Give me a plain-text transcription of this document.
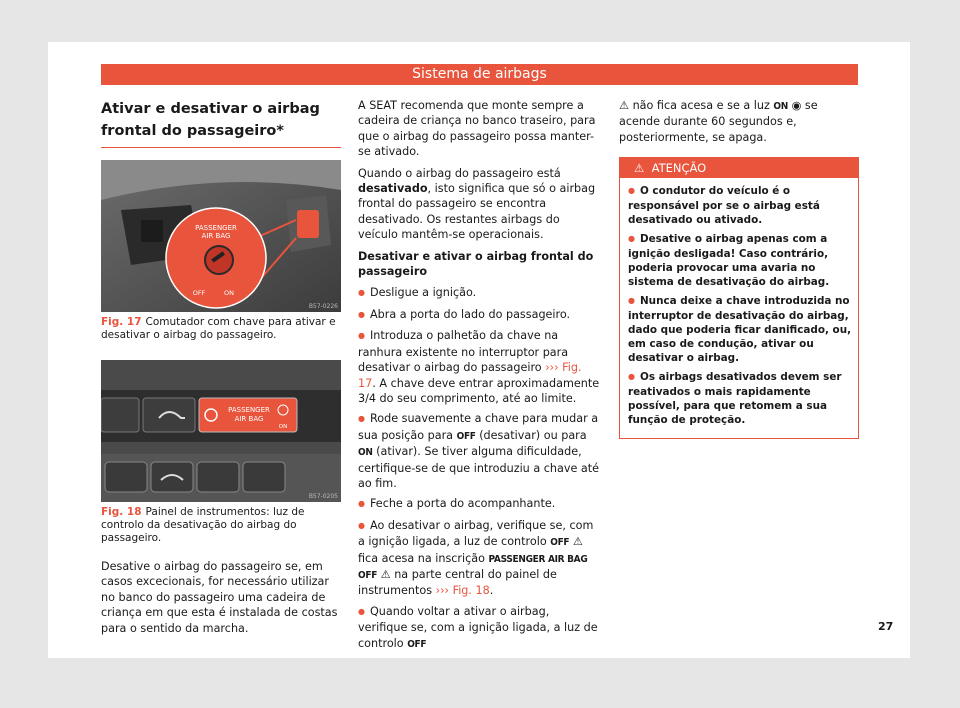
Sistema de airbags
Ativar e desativar o airbag frontal do passageiro*
PASSENGER
AIR BAG
OFF	ON
B57-0226
Fig. 17 Comutador com chave para ativar e desativar o airbag do passageiro.
PASSENGER
AIR BAG
ON
B57-0205
Fig. 18 Painel de instrumentos: luz de controlo da desativação do airbag do passageiro.

Desative o airbag do passageiro se, em casos excecionais, for necessário utilizar no banco do passageiro uma cadeira de criança em que esta é instalada de costas para o sentido da marcha.

A SEAT recomenda que monte sempre a cadeira de criança no banco traseiro, para que o airbag do passageiro possa manter-se ativado.

Quando o airbag do passageiro está desativado, isto significa que só o airbag frontal do passageiro se encontra desativado. Os restantes airbags do veículo mantêm-se operacionais.

Desativar e ativar o airbag frontal do passageiro
● Desligue a ignição.
● Abra a porta do lado do passageiro.
● Introduza o palhetão da chave na ranhura existente no interruptor para desativar o airbag do passageiro ››› Fig. 17. A chave deve entrar aproximadamente 3/4 do seu comprimento, até ao limite.
● Rode suavemente a chave para mudar a sua posição para OFF (desativar) ou para ON (ativar). Se tiver alguma dificuldade, certifique-se de que introduziu a chave até ao fim.
● Feche a porta do acompanhante.
● Ao desativar o airbag, verifique se, com a ignição ligada, a luz de controlo OFF ⚠ fica acesa na inscrição PASSENGER AIR BAG OFF ⚠ na parte central do painel de instrumentos ››› Fig. 18.
● Quando voltar a ativar o airbag, verifique se, com a ignição ligada, a luz de controlo OFF

⚠ não fica acesa e se a luz ON ◉ se acende durante 60 segundos e, posteriormente, se apaga.

⚠ ATENÇÃO
● O condutor do veículo é o responsável por se o airbag está desativado ou ativado.
● Desative o airbag apenas com a ignição desligada! Caso contrário, poderia provocar uma avaria no sistema de desativação do airbag.
● Nunca deixe a chave introduzida no interruptor de desativação do airbag, dado que poderia ficar danificado, ou, em caso de condução, ativar ou desativar o airbag.
● Os airbags desativados devem ser reativados o mais rapidamente possível, para que retomem a sua função de proteção.
27
